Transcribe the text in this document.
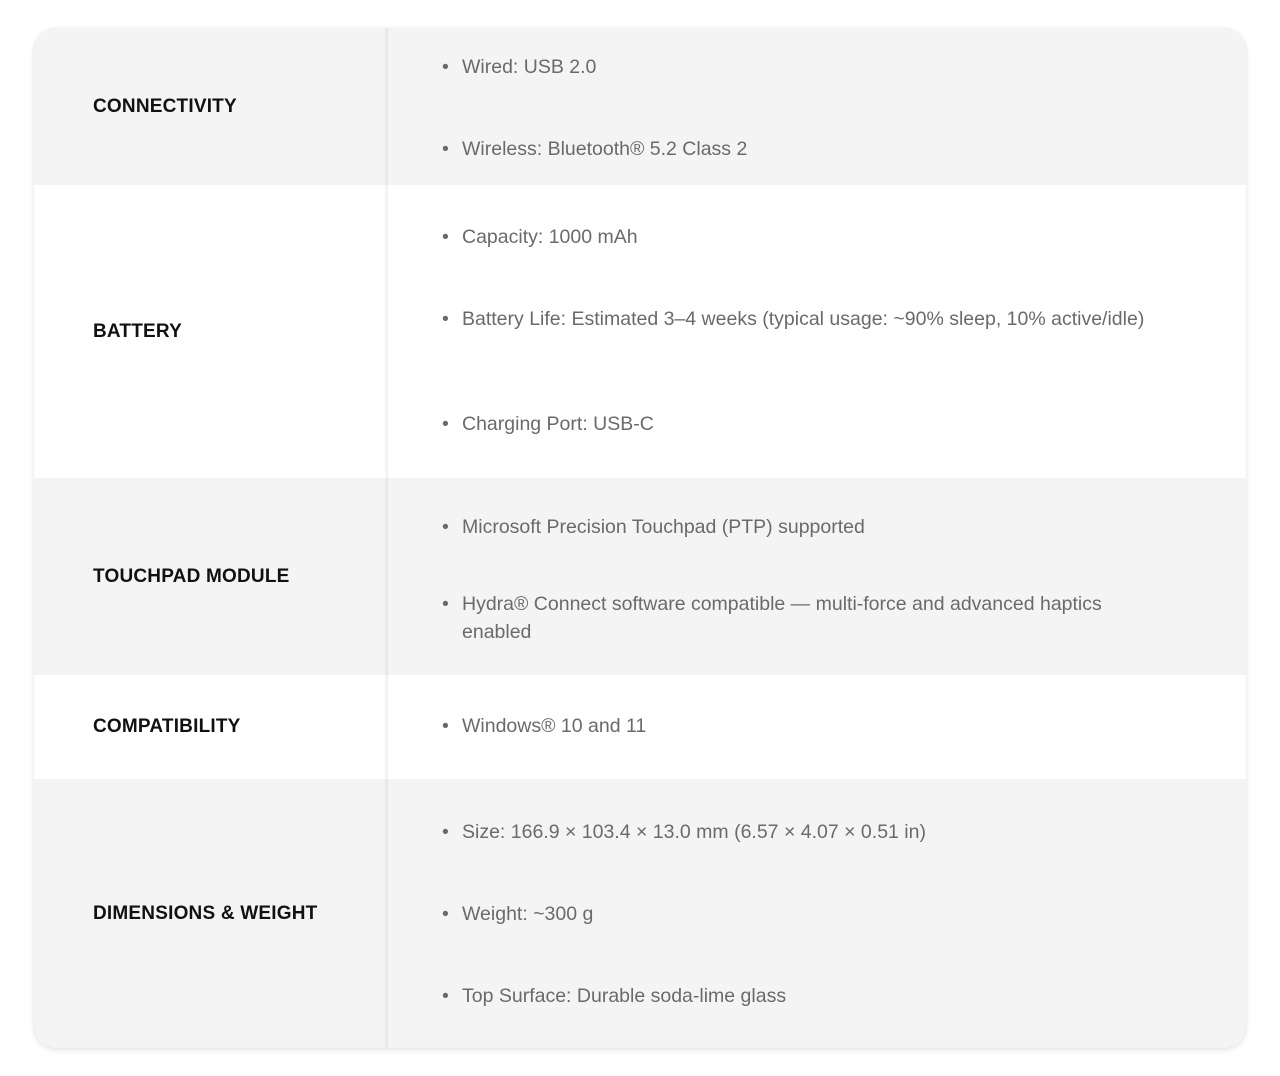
CONNECTIVITY
• Wired: USB 2.0
• Wireless: Bluetooth® 5.2 Class 2
BATTERY
• Capacity: 1000 mAh
• Battery Life: Estimated 3–4 weeks (typical usage: ~90% sleep, 10% active/idle)
• Charging Port: USB-C
TOUCHPAD MODULE
• Microsoft Precision Touchpad (PTP) supported
• Hydra® Connect software compatible — multi-force and advanced haptics enabled
COMPATIBILITY	• Windows® 10 and 11
DIMENSIONS & WEIGHT
• Size: 166.9 × 103.4 × 13.0 mm (6.57 × 4.07 × 0.51 in)
• Weight: ~300 g
• Top Surface: Durable soda-lime glass
